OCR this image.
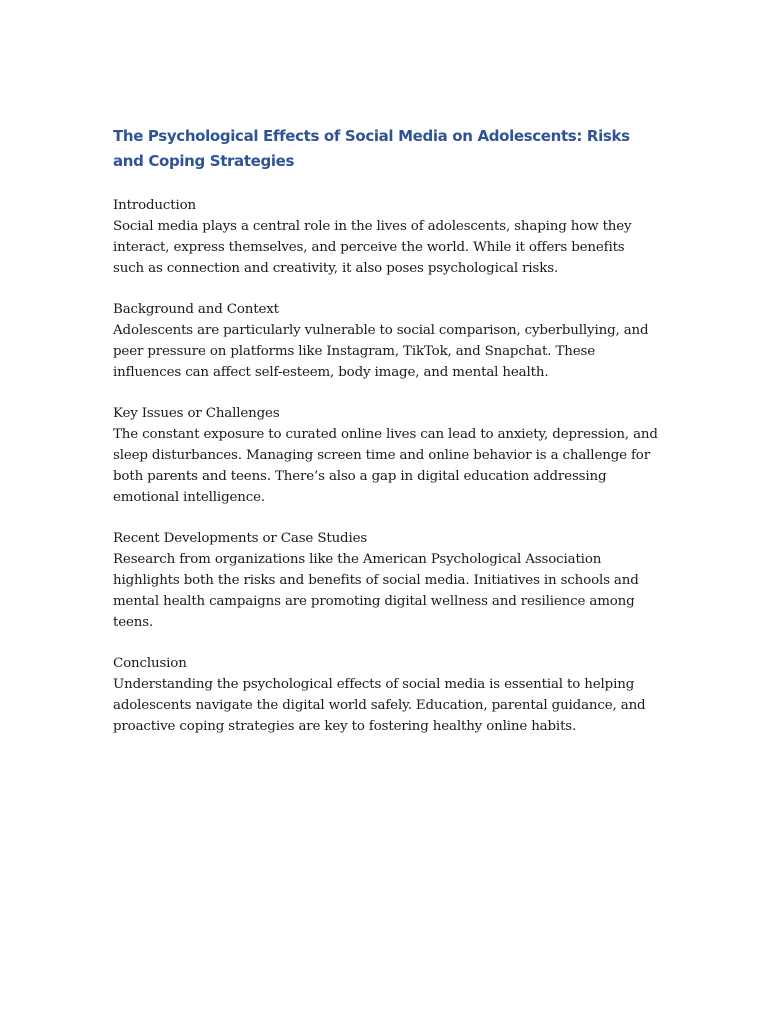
The Psychological Effects of Social Media on Adolescents: Risks and Coping Strategies

Introduction

Social media plays a central role in the lives of adolescents, shaping how they interact, express themselves, and perceive the world. While it offers benefits such as connection and creativity, it also poses psychological risks.

Background and Context

Adolescents are particularly vulnerable to social comparison, cyberbullying, and peer pressure on platforms like Instagram, TikTok, and Snapchat. These influences can affect self-esteem, body image, and mental health.

Key Issues or Challenges

The constant exposure to curated online lives can lead to anxiety, depression, and sleep disturbances. Managing screen time and online behavior is a challenge for both parents and teens. There’s also a gap in digital education addressing emotional intelligence.

Recent Developments or Case Studies

Research from organizations like the American Psychological Association highlights both the risks and benefits of social media. Initiatives in schools and mental health campaigns are promoting digital wellness and resilience among teens.

Conclusion

Understanding the psychological effects of social media is essential to helping adolescents navigate the digital world safely. Education, parental guidance, and proactive coping strategies are key to fostering healthy online habits.
